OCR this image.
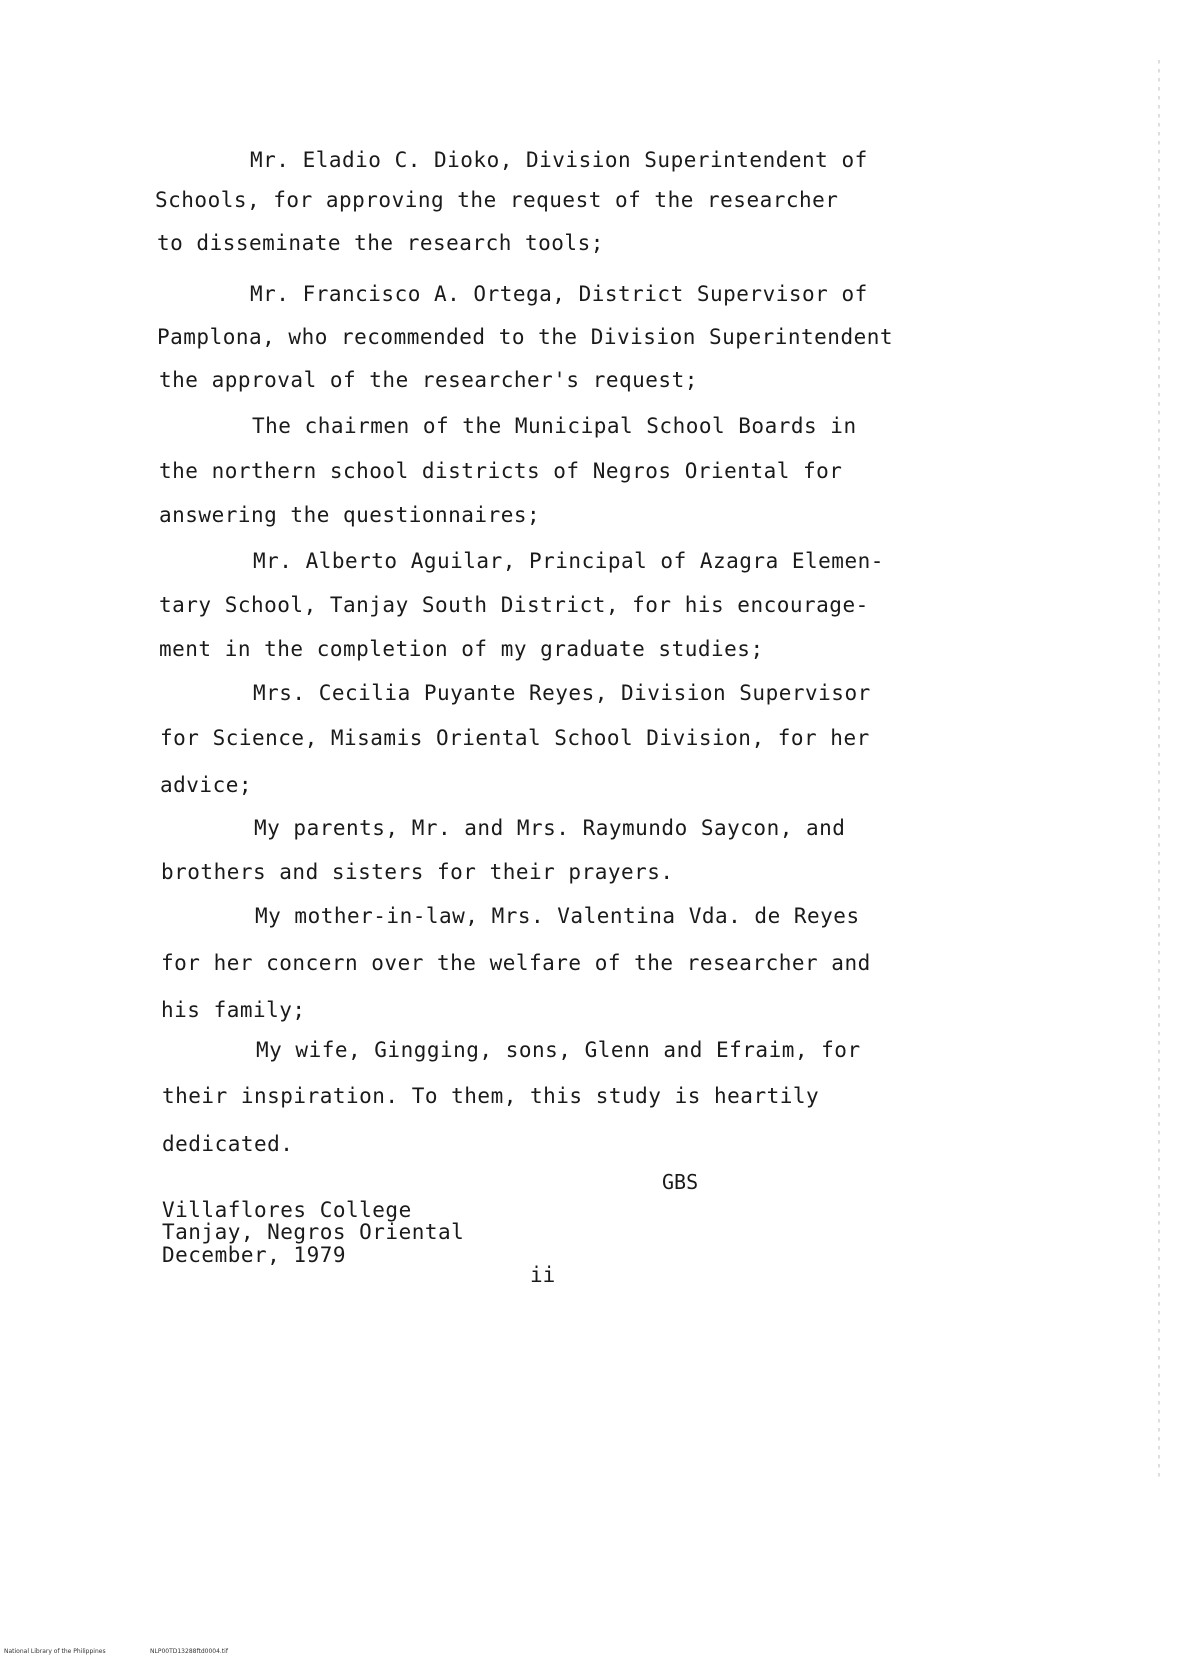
Mr. Eladio C. Dioko, Division Superintendent of
Schools, for approving the request of the researcher
to disseminate the research tools;
Mr. Francisco A. Ortega, District Supervisor of
Pamplona, who recommended to the Division Superintendent
the approval of the researcher's request;
The chairmen of the Municipal School Boards in
the northern school districts of Negros Oriental for
answering the questionnaires;
Mr. Alberto Aguilar, Principal of Azagra Elemen-
tary School, Tanjay South District, for his encourage-
ment in the completion of my graduate studies;
Mrs. Cecilia Puyante Reyes, Division Supervisor
for Science, Misamis Oriental School Division, for her
advice;
My parents, Mr. and Mrs. Raymundo Saycon, and
brothers and sisters for their prayers.
My mother-in-law, Mrs. Valentina Vda. de Reyes
for her concern over the welfare of the researcher and
his family;
My wife, Gingging, sons, Glenn and Efraim, for
their inspiration. To them, this study is heartily
dedicated.
GBS
Villaflores College
Tanjay, Negros Oriental
December, 1979
ii
National Library of the Philippines	NLP00TD13288ftd0004.tif
